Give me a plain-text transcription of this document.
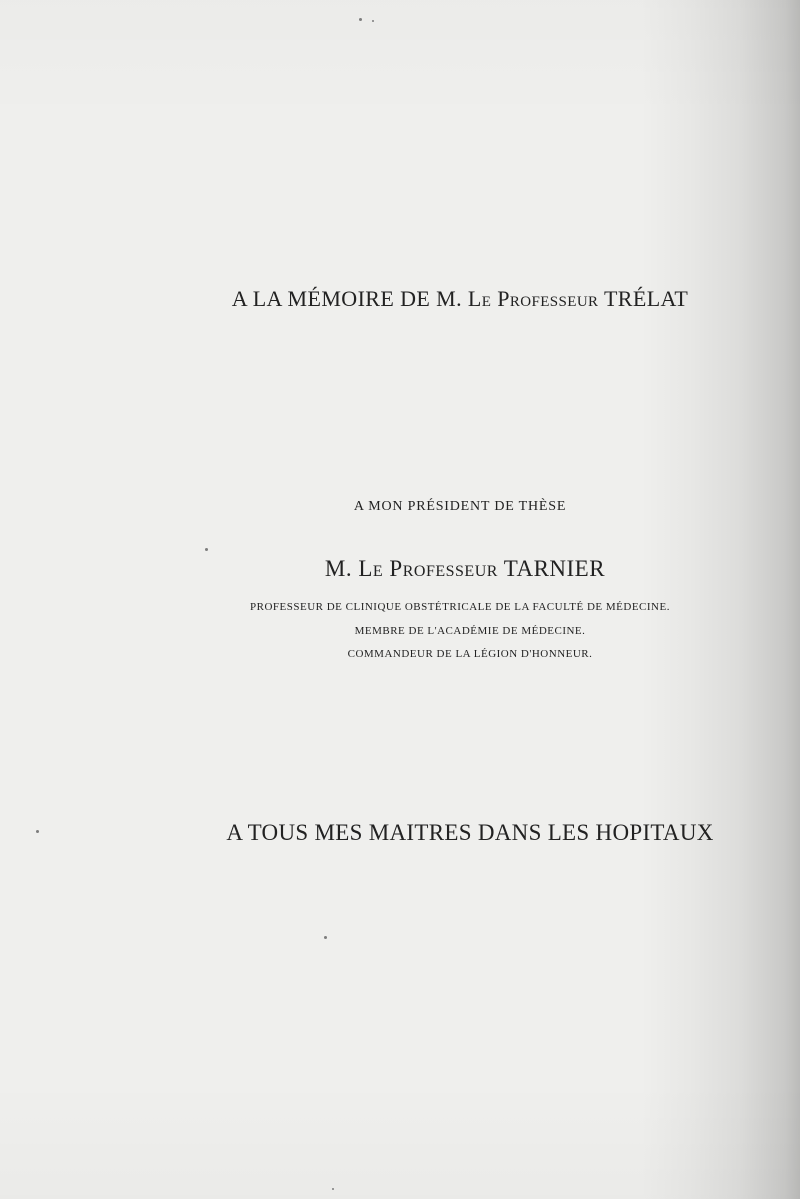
A LA MÉMOIRE DE M. Le Professeur TRÉLAT
A MON PRÉSIDENT DE THÈSE
M. Le Professeur TARNIER
PROFESSEUR DE CLINIQUE OBSTÉTRICALE DE LA FACULTÉ DE MÉDECINE.
MEMBRE DE L'ACADÉMIE DE MÉDECINE.
COMMANDEUR DE LA LÉGION D'HONNEUR.
A TOUS MES MAITRES DANS LES HOPITAUX
